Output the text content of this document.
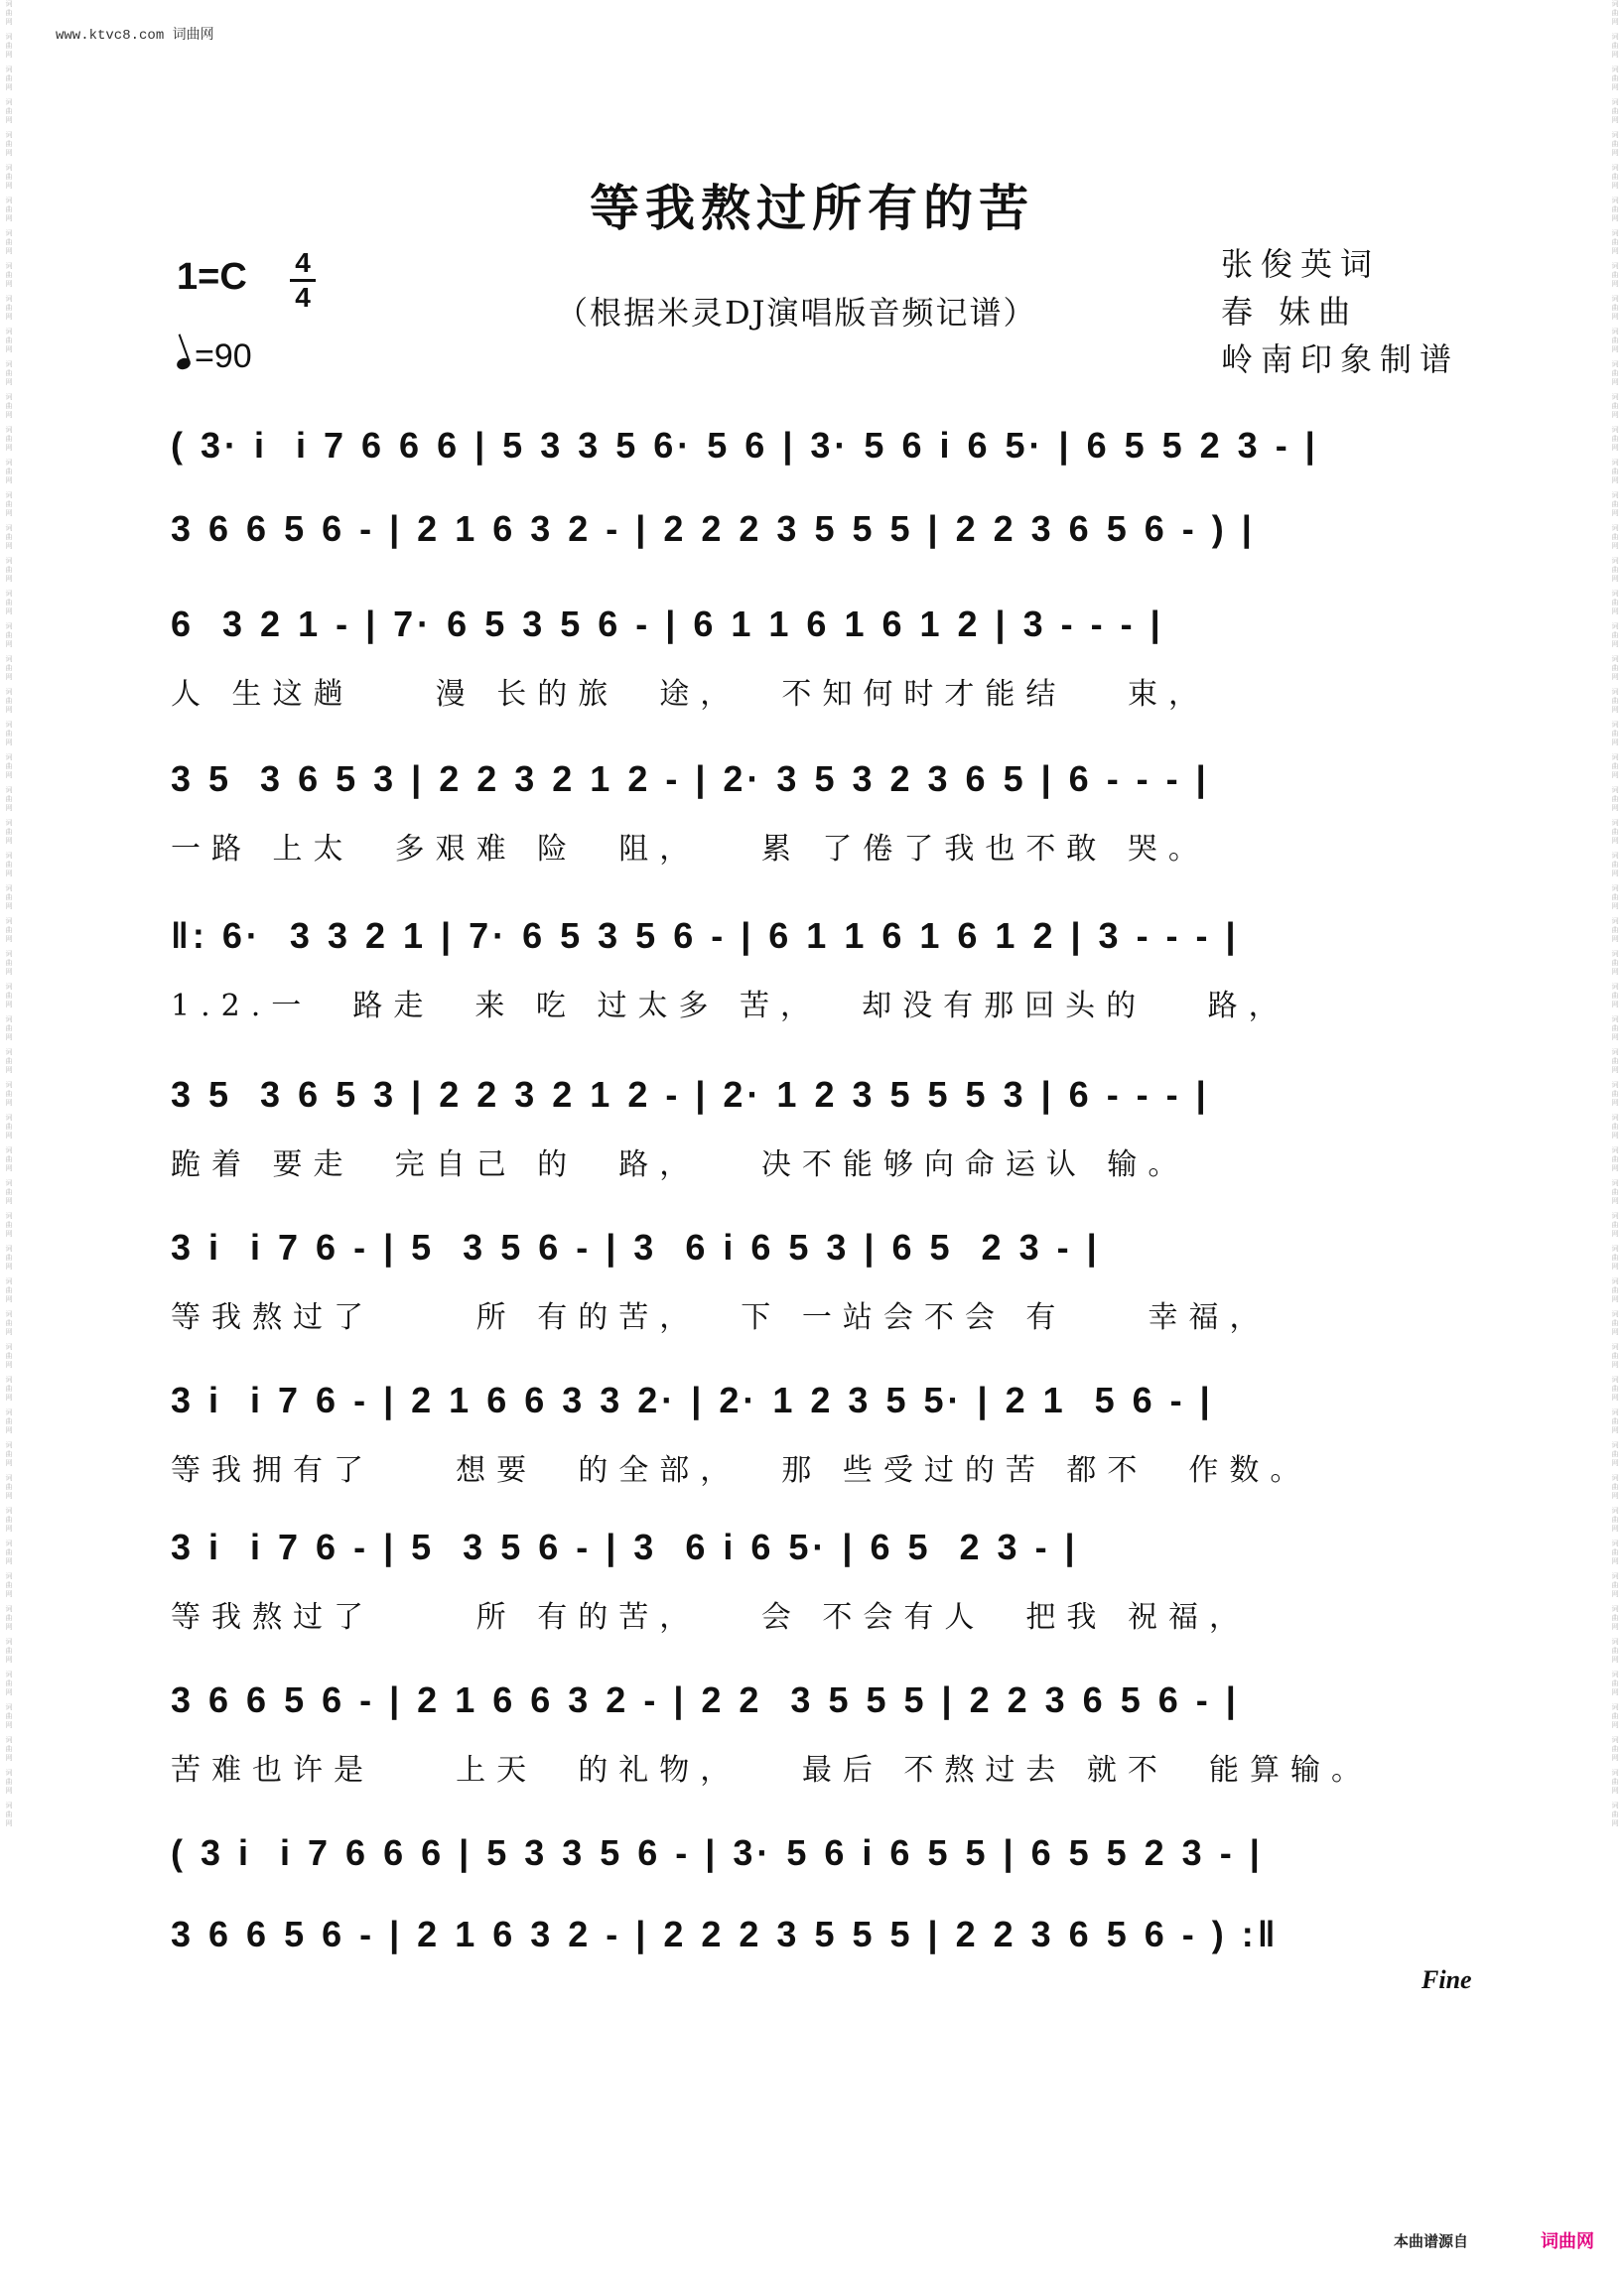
词
曲
网
词
曲
网
词
曲
网
词
曲
网
词
曲
网
词
曲
网
词
曲
网
词
曲
网
词
曲
网
词
曲
网
词
曲
网
词
曲
网
词
曲
网
词
曲
网
词
曲
网
词
曲
网
词
曲
网
词
曲
网
词
曲
网
词
曲
网
词
曲
网
词
曲
网
词
曲
网
词
曲
网
词
曲
网
词
曲
网
词
曲
网
词
曲
网
词
曲
网
词
曲
网
词
曲
网
词
曲
网
词
曲
网
词
曲
网
词
曲
网
词
曲
网
词
曲
网
词
曲
网
词
曲
网
词
曲
网
词
曲
网
词
曲
网
词
曲
网
词
曲
网
词
曲
网
词
曲
网
词
曲
网
词
曲
网
词
曲
网
词
曲
网
词
曲
网
词
曲
网
词
曲
网
词
曲
网
词
曲
网
词
曲
网
词
曲
网
词
曲
网
词
曲
网
词
曲
网
词
曲
网
词
曲
网
词
曲
网
词
曲
网
词
曲
网
词
曲
网
词
曲
网
词
曲
网
词
曲
网
词
曲
网
词
曲
网
词
曲
网
词
曲
网
词
曲
网
词
曲
网
词
曲
网
词
曲
网
词
曲
网
词
曲
网
词
曲
网
词
曲
网
词
曲
网
词
曲
网
词
曲
网
词
曲
网
词
曲
网
词
曲
网
词
曲
网
词
曲
网
词
曲
网
词
曲
网
词
曲
网
词
曲
网
词
曲
网
词
曲
网
词
曲
网
词
曲
网
词
曲
网
词
曲
网
词
曲
网
词
曲
网
词
曲
网
词
曲
网
词
曲
网
词
曲
网
词
曲
网
词
曲
网
词
曲
网
词
曲
网
词
曲
网
词
曲
网
词
曲
网
www.ktvc8.com 词曲网
等我熬过所有的苦
1=C 4
4
=90
（根据米灵DJ演唱版音频记谱）
张俊英词
春 妹曲
岭南印象制谱
( 3· i  i 7 6 6 6 | 5 3 3 5 6· 5 6 | 3· 5 6 i 6 5· | 6 5 5 2 3 - |
3 6 6 5 6 - | 2 1 6 3 2 - | 2 2 2 3 5 5 5 | 2 2 3 6 5 6 - ) |
6  3 2 1 - | 7· 6 5 3 5 6 - | 6 1 1 6 1 6 1 2 | 3 - - - |
人 生这趟    漫 长的旅  途，  不知何时才能结   束，
3 5  3 6 5 3 | 2 2 3 2 1 2 - | 2· 3 5 3 2 3 6 5 | 6 - - - |
一路 上太  多艰难 险  阻，   累 了倦了我也不敢 哭。
‖: 6·  3 3 2 1 | 7· 6 5 3 5 6 - | 6 1 1 6 1 6 1 2 | 3 - - - |
1.2.一  路走  来 吃 过太多 苦，  却没有那回头的   路，
3 5  3 6 5 3 | 2 2 3 2 1 2 - | 2· 1 2 3 5 5 5 3 | 6 - - - |
跪着 要走  完自己 的  路，   决不能够向命运认 输。
3 i  i 7 6 - | 5  3 5 6 - | 3  6 i 6 5 3 | 6 5  2 3 - |
等我熬过了     所 有的苦，  下 一站会不会 有    幸福，
3 i  i 7 6 - | 2 1 6 6 3 3 2· | 2· 1 2 3 5 5· | 2 1  5 6 - |
等我拥有了    想要  的全部，  那 些受过的苦 都不  作数。
3 i  i 7 6 - | 5  3 5 6 - | 3  6 i 6 5· | 6 5  2 3 - |
等我熬过了     所 有的苦，   会 不会有人  把我 祝福，
3 6 6 5 6 - | 2 1 6 6 3 2 - | 2 2  3 5 5 5 | 2 2 3 6 5 6 - |
苦难也许是    上天  的礼物，   最后 不熬过去 就不  能算输。
( 3 i  i 7 6 6 6 | 5 3 3 5 6 - | 3· 5 6 i 6 5 5 | 6 5 5 2 3 - |
3 6 6 5 6 - | 2 1 6 3 2 - | 2 2 2 3 5 5 5 | 2 2 3 6 5 6 - ) :‖
Fine
本曲谱源自	词曲网
